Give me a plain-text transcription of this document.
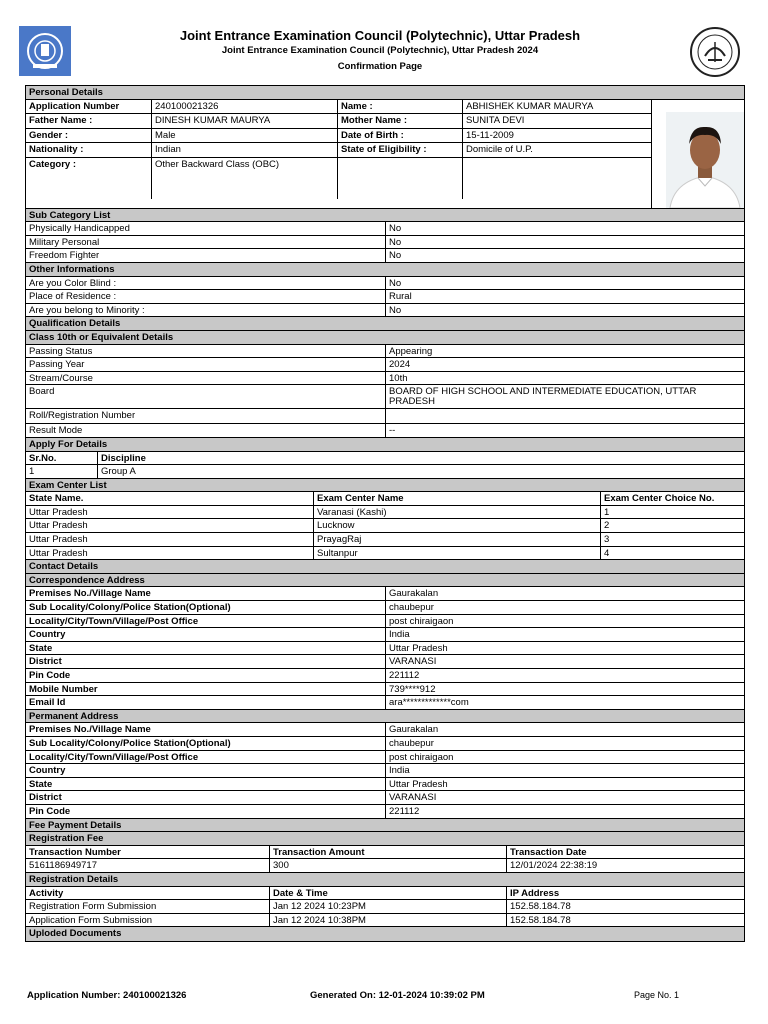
Joint Entrance Examination Council (Polytechnic), Uttar Pradesh
Joint Entrance Examination Council (Polytechnic), Uttar Pradesh 2024
Confirmation Page
Personal Details
Application Number	240100021326	Name :	ABHISHEK KUMAR MAURYA
Father Name :	DINESH KUMAR MAURYA	Mother Name :	SUNITA DEVI
Gender :	Male	Date of Birth :	15-11-2009
Nationality :	Indian	State of Eligibility :	Domicile of U.P.
Category :	Other Backward Class (OBC)
Sub Category List
Physically Handicapped	No
Military Personal	No
Freedom Fighter	No
Other Informations
Are you Color Blind :	No
Place of Residence :	Rural
Are you belong to Minority :	No
Qualification Details
Class 10th or Equivalent Details
Passing Status	Appearing
Passing Year	2024
Stream/Course	10th
Board	BOARD OF HIGH SCHOOL AND INTERMEDIATE EDUCATION, UTTAR PRADESH
Roll/Registration Number
Result Mode	--
Apply For Details
Sr.No.	Discipline
1	Group A
Exam Center List
State Name.	Exam Center Name	Exam Center Choice No.
Uttar Pradesh	Varanasi (Kashi)	1
Uttar Pradesh	Lucknow	2
Uttar Pradesh	PrayagRaj	3
Uttar Pradesh	Sultanpur	4
Contact Details
Correspondence Address
Premises No./Village Name	Gaurakalan
Sub Locality/Colony/Police Station(Optional)	chaubepur
Locality/City/Town/Village/Post Office	post chiraigaon
Country	India
State	Uttar Pradesh
District	VARANASI
Pin Code	221112
Mobile Number	739****912
Email Id	ara*************com
Permanent Address
Premises No./Village Name	Gaurakalan
Sub Locality/Colony/Police Station(Optional)	chaubepur
Locality/City/Town/Village/Post Office	post chiraigaon
Country	India
State	Uttar Pradesh
District	VARANASI
Pin Code	221112
Fee Payment Details
Registration Fee
Transaction Number	Transaction Amount	Transaction Date
5161186949717	300	12/01/2024 22:38:19
Registration Details
Activity	Date & Time	IP Address
Registration Form Submission	Jan 12 2024 10:23PM	152.58.184.78
Application Form Submission	Jan 12 2024 10:38PM	152.58.184.78
Uploded Documents
Application Number: 240100021326	Generated On: 12-01-2024 10:39:02 PM	Page No. 1
